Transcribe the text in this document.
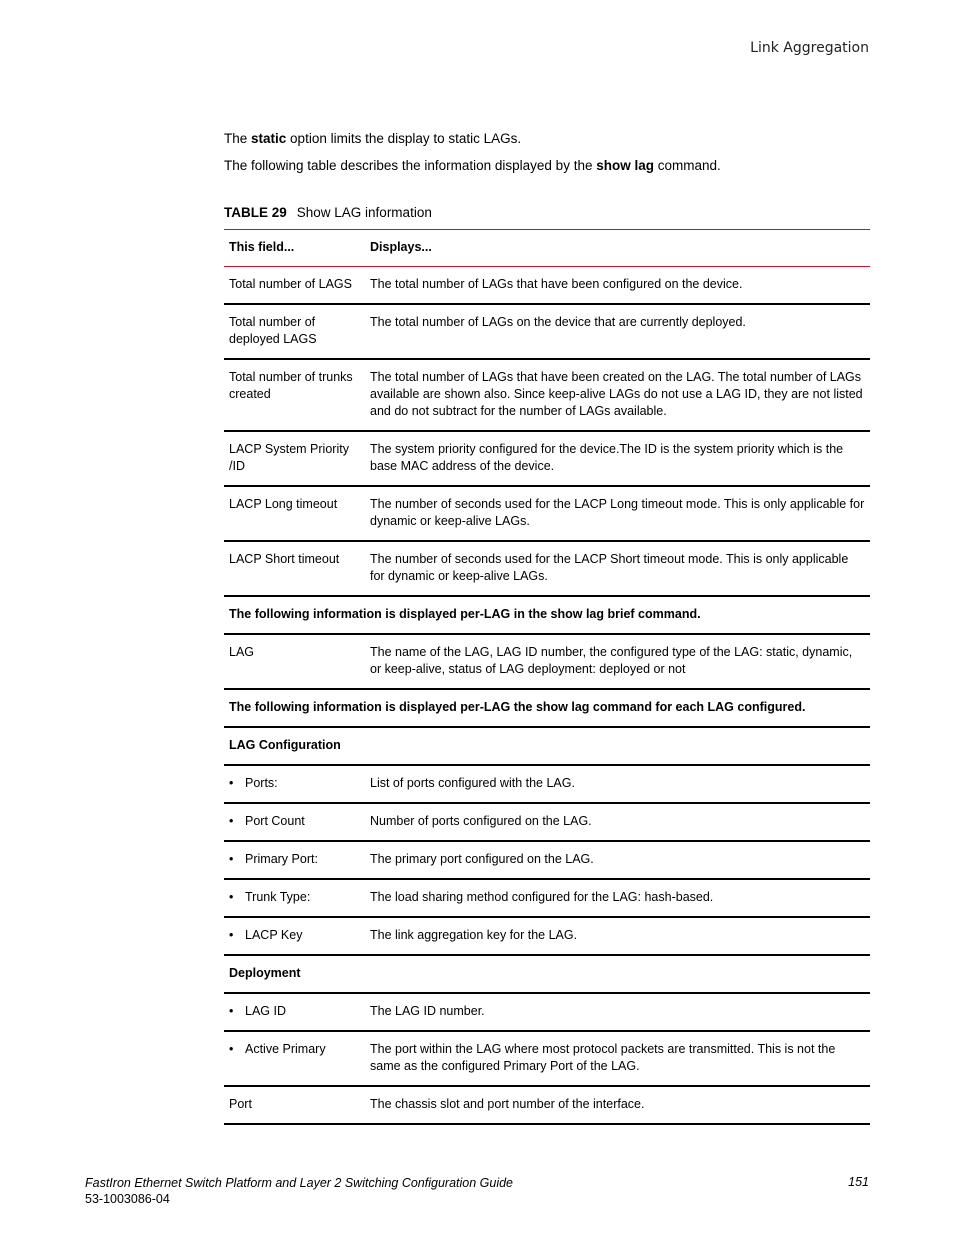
Link Aggregation

The static option limits the display to static LAGs.

The following table describes the information displayed by the show lag command.

TABLE 29 Show LAG information
This field...	Displays...
Total number of LAGS	The total number of LAGs that have been configured on the device.
Total number of deployed LAGS	The total number of LAGs on the device that are currently deployed.
Total number of trunks created	The total number of LAGs that have been created on the LAG. The total number of LAGs available are shown also. Since keep-alive LAGs do not use a LAG ID, they are not listed and do not subtract for the number of LAGs available.
LACP System Priority /ID	The system priority configured for the device.The ID is the system priority which is the base MAC address of the device.
LACP Long timeout	The number of seconds used for the LACP Long timeout mode. This is only applicable for dynamic or keep-alive LAGs.
LACP Short timeout	The number of seconds used for the LACP Short timeout mode. This is only applicable for dynamic or keep-alive LAGs.
The following information is displayed per-LAG in the show lag brief command.	
LAG	The name of the LAG, LAG ID number, the configured type of the LAG: static, dynamic, or keep-alive, status of LAG deployment: deployed or not
The following information is displayed per-LAG the show lag command for each LAG configured.	
LAG Configuration	
• Ports:	List of ports configured with the LAG.
• Port Count	Number of ports configured on the LAG.
• Primary Port:	The primary port configured on the LAG.
• Trunk Type:	The load sharing method configured for the LAG: hash-based.
• LACP Key	The link aggregation key for the LAG.
Deployment	
• LAG ID	The LAG ID number.
• Active Primary	The port within the LAG where most protocol packets are transmitted. This is not the same as the configured Primary Port of the LAG.
Port	The chassis slot and port number of the interface.
FastIron Ethernet Switch Platform and Layer 2 Switching Configuration Guide
53-1003086-04
151
